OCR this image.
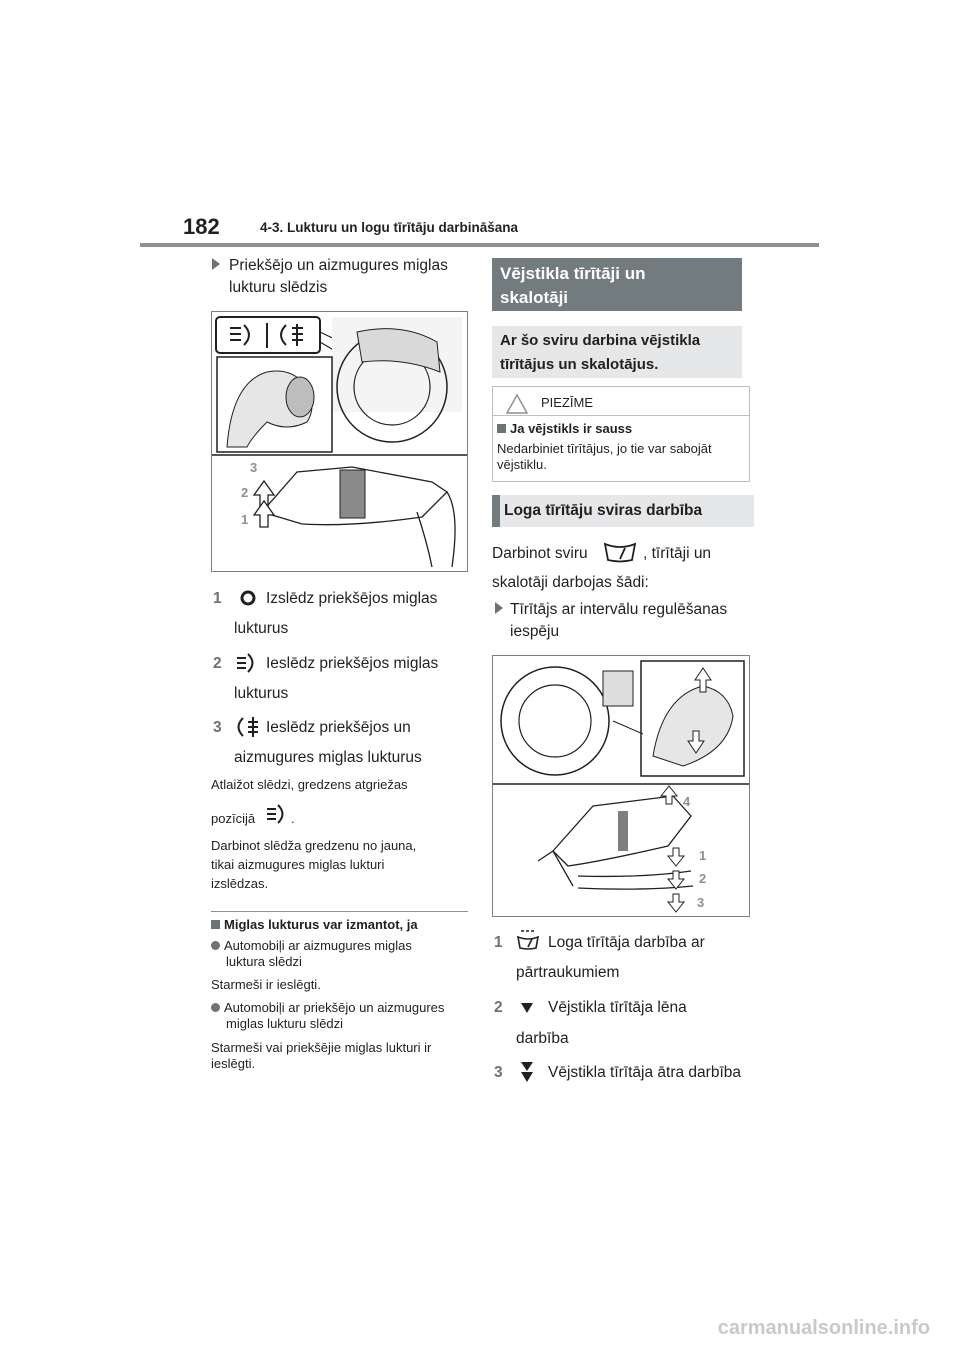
182	4-3. Lukturu un logu tīrītāju darbināšana
Priekšējo un aizmugures miglas
lukturu slēdzis
3
2
1
1	Izslēdz priekšējos miglas
lukturus
2	Ieslēdz priekšējos miglas
lukturus
3	Ieslēdz priekšējos un
aizmugures miglas lukturus
Atlaižot slēdzi, gredzens atgriežas
pozīcijā	.
Darbinot slēdža gredzenu no jauna,
tikai aizmugures miglas lukturi
izslēdzas.
Miglas lukturus var izmantot, ja
Automobiļi ar aizmugures miglas
luktura slēdzi
Starmeši ir ieslēgti.
Automobiļi ar priekšējo un aizmugures
miglas lukturu slēdzi
Starmeši vai priekšējie miglas lukturi ir
ieslēgti.
Vējstikla tīrītāji un
skalotāji
Ar šo sviru darbina vējstikla
tīrītājus un skalotājus.
PIEZĪME
Ja vējstikls ir sauss
Nedarbiniet tīrītājus, jo tie var sabojāt
vējstiklu.
Loga tīrītāju sviras darbība
Darbinot sviru	, tīrītāji un
skalotāji darbojas šādi:
Tīrītājs ar intervālu regulēšanas
iespēju
4
1
2
3
1	Loga tīrītāja darbība ar
pārtraukumiem
2	Vējstikla tīrītāja lēna
darbība
3	Vējstikla tīrītāja ātra darbība
carmanualsonline.info
